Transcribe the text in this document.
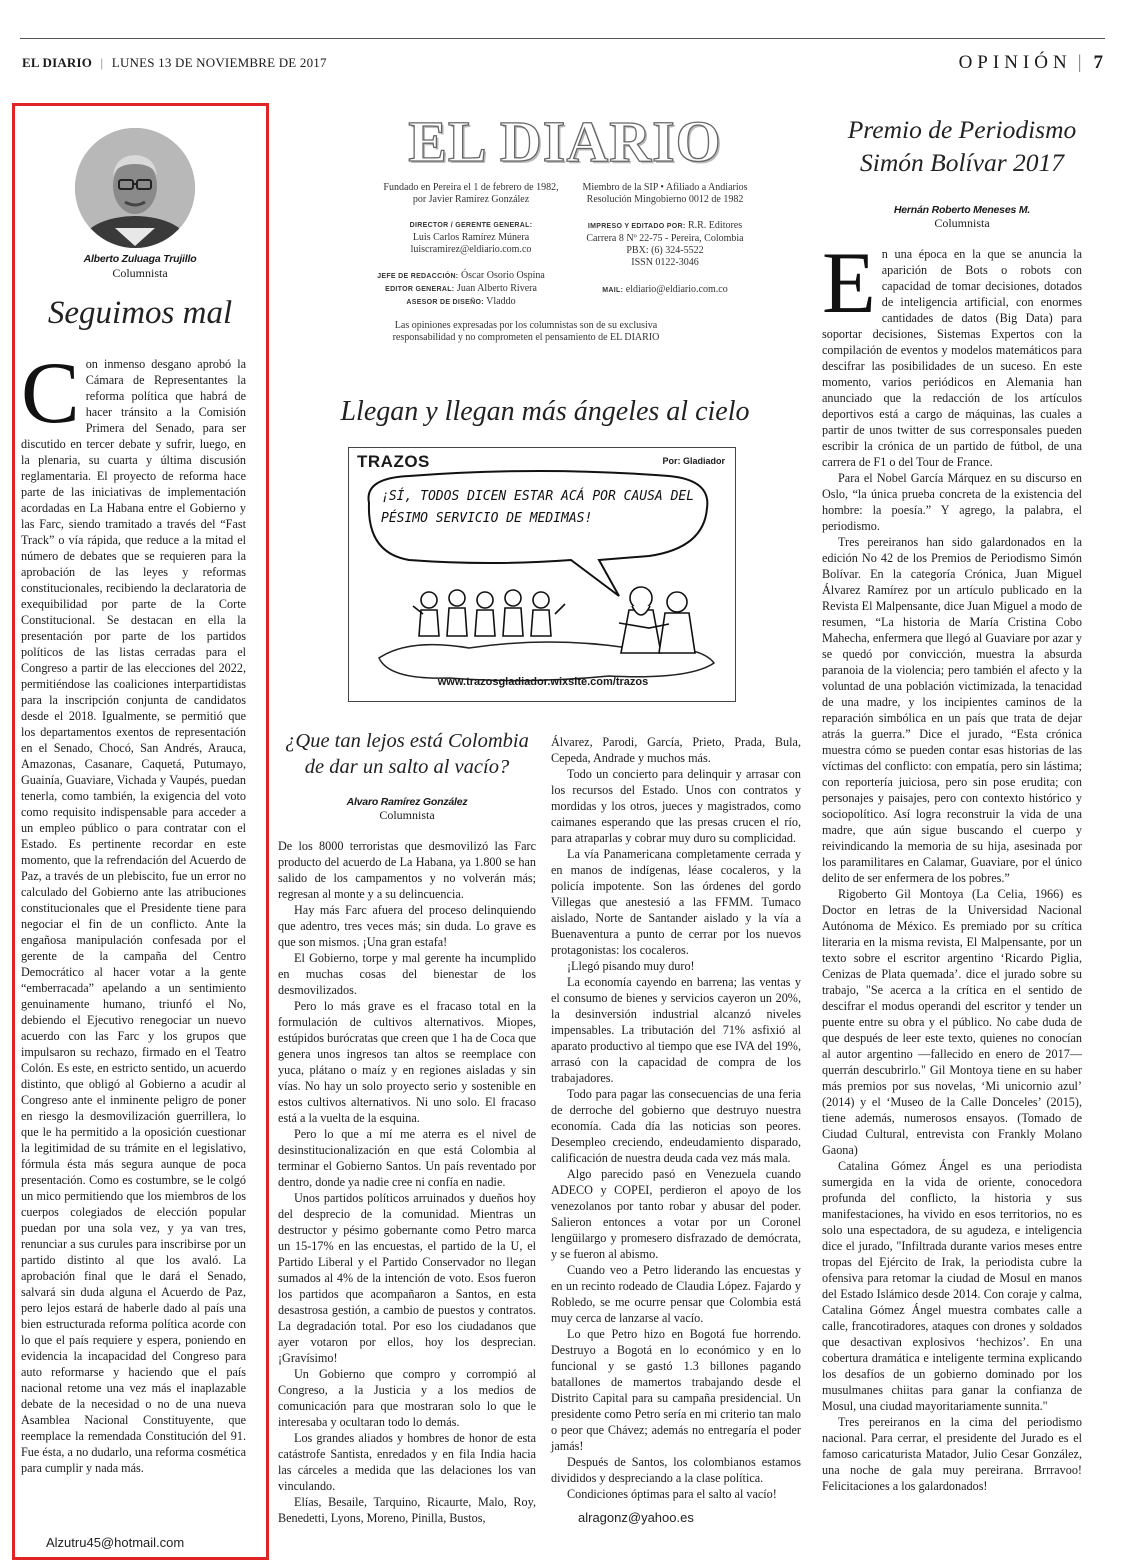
EL DIARIO | LUNES 13 DE NOVIEMBRE DE 2017	OPINIÓN | 7
Alberto Zuluaga Trujillo
Columnista
Seguimos mal
C on inmenso desgano aprobó la Cámara de Representantes la reforma política que habrá de hacer tránsito a la Comisión Primera del Senado, para ser discutido en tercer debate y sufrir, luego, en la plenaria, su cuarta y última discusión reglamentaria. El proyecto de reforma hace parte de las iniciativas de implementación acordadas en La Habana entre el Gobierno y las Farc, siendo tramitado a través del “Fast Track” o vía rápida, que reduce a la mitad el número de debates que se requieren para la aprobación de las leyes y reformas constitucionales, recibiendo la declaratoria de exequibilidad por parte de la Corte Constitucional. Se destacan en ella la presentación por parte de los partidos políticos de las listas cerradas para el Congreso a partir de las elecciones del 2022, permitiéndose las coaliciones interpartidistas para la inscripción conjunta de candidatos desde el 2018. Igualmente, se permitió que los departamentos exentos de representación en el Senado, Chocó, San Andrés, Arauca, Amazonas, Casanare, Caquetá, Putumayo, Guainía, Guaviare, Vichada y Vaupés, puedan tenerla, como también, la exigencia del voto como requisito indispensable para acceder a un empleo público o para contratar con el Estado. Es pertinente recordar en este momento, que la refrendación del Acuerdo de Paz, a través de un plebiscito, fue un error no calculado del Gobierno ante las atribuciones constitucionales que el Presidente tiene para negociar el fin de un conflicto. Ante la engañosa manipulación confesada por el gerente de la campaña del Centro Democrático al hacer votar a la gente “emberracada” apelando a un sentimiento genuinamente humano, triunfó el No, debiendo el Ejecutivo renegociar un nuevo acuerdo con las Farc y los grupos que impulsaron su rechazo, firmado en el Teatro Colón. Es este, en estricto sentido, un acuerdo distinto, que obligó al Gobierno a acudir al Congreso ante el inminente peligro de poner en riesgo la desmovilización guerrillera, lo que le ha permitido a la oposición cuestionar la legitimidad de su trámite en el legislativo, fórmula ésta más segura aunque de poca presentación. Como es costumbre, se le colgó un mico permitiendo que los miembros de los cuerpos colegiados de elección popular puedan por una sola vez, y ya van tres, renunciar a sus curules para inscribirse por un partido distinto al que los avaló. La aprobación final que le dará el Senado, salvará sin duda alguna el Acuerdo de Paz, pero lejos estará de haberle dado al país una bien estructurada reforma política acorde con lo que el país requiere y espera, poniendo en evidencia la incapacidad del Congreso para auto reformarse y haciendo que el país nacional retome una vez más el inaplazable debate de la necesidad o no de una nueva Asamblea Nacional Constituyente, que reemplace la remendada Constitución del 91. Fue ésta, a no dudarlo, una reforma cosmética para cumplir y nada más.

Alzutru45@hotmail.com
EL DIARIO
Fundado en Pereira el 1 de febrero de 1982, por Javier Ramírez González
Miembro de la SIP • Afiliado a Andiarios Resolución Mingobierno 0012 de 1982
DIRECTOR / GERENTE GENERAL:
Luis Carlos Ramírez Múnera
luiscramirez@eldiario.com.co
IMPRESO Y EDITADO POR: R.R. Editores
Carrera 8 Nº 22-75 - Pereira, Colombia
PBX: (6) 324-5522
ISSN 0122-3046
JEFE DE REDACCIÓN: Óscar Osorio Ospina
EDITOR GENERAL: Juan Alberto Rivera
ASESOR DE DISEÑO: Vladdo
MAIL: eldiario@eldiario.com.co
Las opiniones expresadas por los columnistas son de su exclusiva responsabilidad y no comprometen el pensamiento de EL DIARIO
Llegan y llegan más ángeles al cielo
TRAZOS	Por: Gladiador
¡SÍ, TODOS DICEN ESTAR ACÁ POR CAUSA DEL PÉSIMO SERVICIO DE MEDIMAS!
www.trazosgladiador.wixsite.com/trazos
¿Que tan lejos está Colombia
de dar un salto al vacío?
Alvaro Ramírez González
Columnista

De los 8000 terroristas que desmovilizó las Farc producto del acuerdo de La Habana, ya 1.800 se han salido de los campamentos y no volverán más; regresan al monte y a su delincuencia.

Hay más Farc afuera del proceso delinquiendo que adentro, tres veces más; sin duda. Lo grave es que son mismos. ¡Una gran estafa!

El Gobierno, torpe y mal gerente ha incumplido en muchas cosas del bienestar de los desmovilizados.

Pero lo más grave es el fracaso total en la formulación de cultivos alternativos. Miopes, estúpidos burócratas que creen que 1 ha de Coca que genera unos ingresos tan altos se reemplace con yuca, plátano o maíz y en regiones aisladas y sin vías. No hay un solo proyecto serio y sostenible en estos cultivos alternativos. Ni uno solo. El fracaso está a la vuelta de la esquina.

Pero lo que a mí me aterra es el nivel de desinstitucionalización en que está Colombia al terminar el Gobierno Santos. Un país reventado por dentro, donde ya nadie cree ni confía en nadie.

Unos partidos políticos arruinados y dueños hoy del desprecio de la comunidad. Mientras un destructor y pésimo gobernante como Petro marca un 15-17% en las encuestas, el partido de la U, el Partido Liberal y el Partido Conservador no llegan sumados al 4% de la intención de voto. Esos fueron los partidos que acompañaron a Santos, en esta desastrosa gestión, a cambio de puestos y contratos. La degradación total. Por eso los ciudadanos que ayer votaron por ellos, hoy los desprecian. ¡Gravísimo!

Un Gobierno que compro y corrompió al Congreso, a la Justicia y a los medios de comunicación para que mostraran solo lo que le interesaba y ocultaran todo lo demás.

Los grandes aliados y hombres de honor de esta catástrofe Santista, enredados y en fila India hacia las cárceles a medida que las delaciones los van vinculando.

Elías, Besaile, Tarquino, Ricaurte, Malo, Roy, Benedetti, Lyons, Moreno, Pinilla, Bustos,

Álvarez, Parodi, García, Prieto, Prada, Bula, Cepeda, Andrade y muchos más.

Todo un concierto para delinquir y arrasar con los recursos del Estado. Unos con contratos y mordidas y los otros, jueces y magistrados, como caimanes esperando que las presas crucen el río, para atraparlas y cobrar muy duro su complicidad.

La vía Panamericana completamente cerrada y en manos de indígenas, léase cocaleros, y la policía impotente. Son las órdenes del gordo Villegas que anestesió a las FFMM. Tumaco aislado, Norte de Santander aislado y la vía a Buenaventura a punto de cerrar por los nuevos protagonistas: los cocaleros.

¡Llegó pisando muy duro!

La economía cayendo en barrena; las ventas y el consumo de bienes y servicios cayeron un 20%, la desinversión industrial alcanzó niveles impensables. La tributación del 71% asfixió al aparato productivo al tiempo que ese IVA del 19%, arrasó con la capacidad de compra de los trabajadores.

Todo para pagar las consecuencias de una feria de derroche del gobierno que destruyo nuestra economía. Cada día las noticias son peores. Desempleo creciendo, endeudamiento disparado, calificación de nuestra deuda cada vez más mala.

Algo parecido pasó en Venezuela cuando ADECO y COPEI, perdieron el apoyo de los venezolanos por tanto robar y abusar del poder. Salieron entonces a votar por un Coronel lengüilargo y promesero disfrazado de demócrata, y se fueron al abismo.

Cuando veo a Petro liderando las encuestas y en un recinto rodeado de Claudia López. Fajardo y Robledo, se me ocurre pensar que Colombia está muy cerca de lanzarse al vacío.

Lo que Petro hizo en Bogotá fue horrendo. Destruyo a Bogotá en lo económico y en lo funcional y se gastó 1.3 billones pagando batallones de mamertos trabajando desde el Distrito Capital para su campaña presidencial. Un presidente como Petro sería en mi criterio tan malo o peor que Chávez; además no entregaría el poder jamás!

Después de Santos, los colombianos estamos divididos y despreciando a la clase política.

Condiciones óptimas para el salto al vacío!

alragonz@yahoo.es
Premio de Periodismo
Simón Bolívar 2017
Hernán Roberto Meneses M.
Columnista
E n una época en la que se anuncia la aparición de Bots o robots con capacidad de tomar decisiones, dotados de inteligencia artificial, con enormes cantidades de datos (Big Data) para soportar decisiones, Sistemas Expertos con la compilación de eventos y modelos matemáticos para descifrar las posibilidades de un suceso. En este momento, varios periódicos en Alemania han anunciado que la redacción de los artículos deportivos está a cargo de máquinas, las cuales a partir de unos twitter de sus corresponsales pueden escribir la crónica de un partido de fútbol, de una carrera de F1 o del Tour de France.

Para el Nobel García Márquez en su discurso en Oslo, “la única prueba concreta de la existencia del hombre: la poesía.” Y agrego, la palabra, el periodismo.

Tres pereiranos han sido galardonados en la edición No 42 de los Premios de Periodismo Simón Bolívar. En la categoría Crónica, Juan Miguel Álvarez Ramírez por un artículo publicado en la Revista El Malpensante, dice Juan Miguel a modo de resumen, “La historia de María Cristina Cobo Mahecha, enfermera que llegó al Guaviare por azar y se quedó por convicción, muestra la absurda paranoia de la violencia; pero también el afecto y la voluntad de una población victimizada, la tenacidad de una madre, y los incipientes caminos de la reparación simbólica en un país que trata de dejar atrás la guerra.” Dice el jurado, “Esta crónica muestra cómo se pueden contar esas historias de las víctimas del conflicto: con empatía, pero sin lástima; con reportería juiciosa, pero sin pose erudita; con personajes y paisajes, pero con contexto histórico y sociopolítico. Así logra reconstruir la vida de una madre, que aún sigue buscando el cuerpo y reivindicando la memoria de su hija, asesinada por los paramilitares en Calamar, Guaviare, por el único delito de ser enfermera de los pobres.”

Rigoberto Gil Montoya (La Celia, 1966) es Doctor en letras de la Universidad Nacional Autónoma de México. Es premiado por su crítica literaria en la misma revista, El Malpensante, por un texto sobre el escritor argentino ‘Ricardo Piglia, Cenizas de Plata quemada’. dice el jurado sobre su trabajo, "Se acerca a la crítica en el sentido de descifrar el modus operandi del escritor y tender un puente entre su obra y el público. No cabe duda de que después de leer este texto, quienes no conocían al autor argentino —fallecido en enero de 2017— querrán descubrirlo." Gil Montoya tiene en su haber más premios por sus novelas, ‘Mi unicornio azul’ (2014) y el ‘Museo de la Calle Donceles’ (2015), tiene además, numerosos ensayos. (Tomado de Ciudad Cultural, entrevista con Frankly Molano Gaona)

Catalina Gómez Ángel es una periodista sumergida en la vida de oriente, conocedora profunda del conflicto, la historia y sus manifestaciones, ha vivido en esos territorios, no es solo una espectadora, de su agudeza, e inteligencia dice el jurado, "Infiltrada durante varios meses entre tropas del Ejército de Irak, la periodista cubre la ofensiva para retomar la ciudad de Mosul en manos del Estado Islámico desde 2014. Con coraje y calma, Catalina Gómez Ángel muestra combates calle a calle, francotiradores, ataques con drones y soldados que desactivan explosivos ‘hechizos’. En una cobertura dramática e inteligente termina explicando los desafíos de un gobierno dominado por los musulmanes chiitas para ganar la confianza de Mosul, una ciudad mayoritariamente sunnita."

Tres pereiranos en la cima del periodismo nacional. Para cerrar, el presidente del Jurado es el famoso caricaturista Matador, Julio Cesar González, una noche de gala muy pereirana. Brrravoo! Felicitaciones a los galardonados!
